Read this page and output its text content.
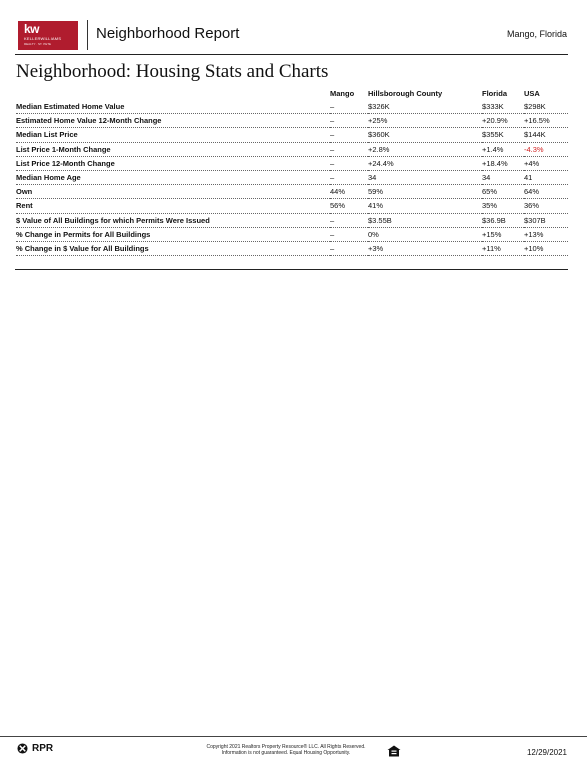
kw
KELLERWILLIAMS
REALTY · ST. PETE
Neighborhood Report	Mango, Florida
Neighborhood: Housing Stats and Charts
	Mango	Hillsborough County	Florida	USA
Median Estimated Home Value	–	$326K	$333K	$298K
Estimated Home Value 12-Month Change	–	+25%	+20.9%	+16.5%
Median List Price	–	$360K	$355K	$144K
List Price 1-Month Change	–	+2.8%	+1.4%	-4.3%
List Price 12-Month Change	–	+24.4%	+18.4%	+4%
Median Home Age	–	34	34	41
Own	44%	59%	65%	64%
Rent	56%	41%	35%	36%
$ Value of All Buildings for which Permits Were Issued	–	$3.55B	$36.9B	$307B
% Change in Permits for All Buildings	–	0%	+15%	+13%
% Change in $ Value for All Buildings	–	+3%	+11%	+10%
RPR	Copyright 2021 Realtors Property Resource® LLC. All Rights Reserved.
Information is not guaranteed. Equal Housing Opportunity.	12/29/2021
